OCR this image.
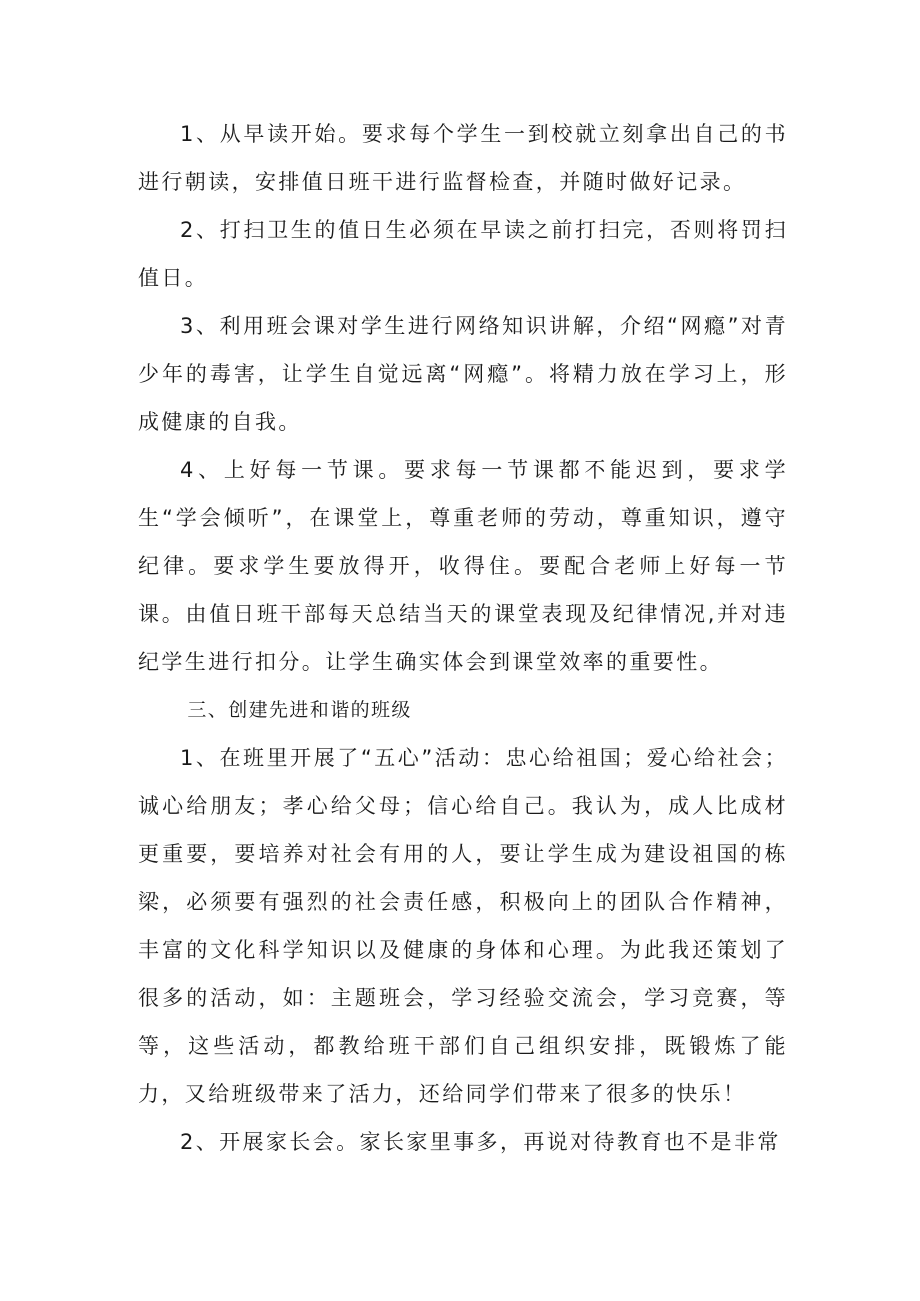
1、从早读开始。要求每个学生一到校就立刻拿出自己的书进行朝读，安排值日班干进行监督检查，并随时做好记录。

2、打扫卫生的值日生必须在早读之前打扫完，否则将罚扫值日。

3、利用班会课对学生进行网络知识讲解，介绍“网瘾”对青少年的毒害，让学生自觉远离“网瘾”。将精力放在学习上，形成健康的自我。

4、上好每一节课。要求每一节课都不能迟到，要求学生“学会倾听”，在课堂上，尊重老师的劳动，尊重知识，遵守纪律。要求学生要放得开，收得住。要配合老师上好每一节课。由值日班干部每天总结当天的课堂表现及纪律情况,并对违纪学生进行扣分。让学生确实体会到课堂效率的重要性。

三、创建先进和谐的班级

1、在班里开展了“五心”活动：忠心给祖国；爱心给社会；诚心给朋友；孝心给父母；信心给自己。我认为，成人比成材更重要，要培养对社会有用的人，要让学生成为建设祖国的栋梁，必须要有强烈的社会责任感，积极向上的团队合作精神，丰富的文化科学知识以及健康的身体和心理。为此我还策划了很多的活动，如：主题班会，学习经验交流会，学习竞赛，等等，这些活动，都教给班干部们自己组织安排，既锻炼了能力，又给班级带来了活力，还给同学们带来了很多的快乐！

2、开展家长会。家长家里事多，再说对待教育也不是非常
